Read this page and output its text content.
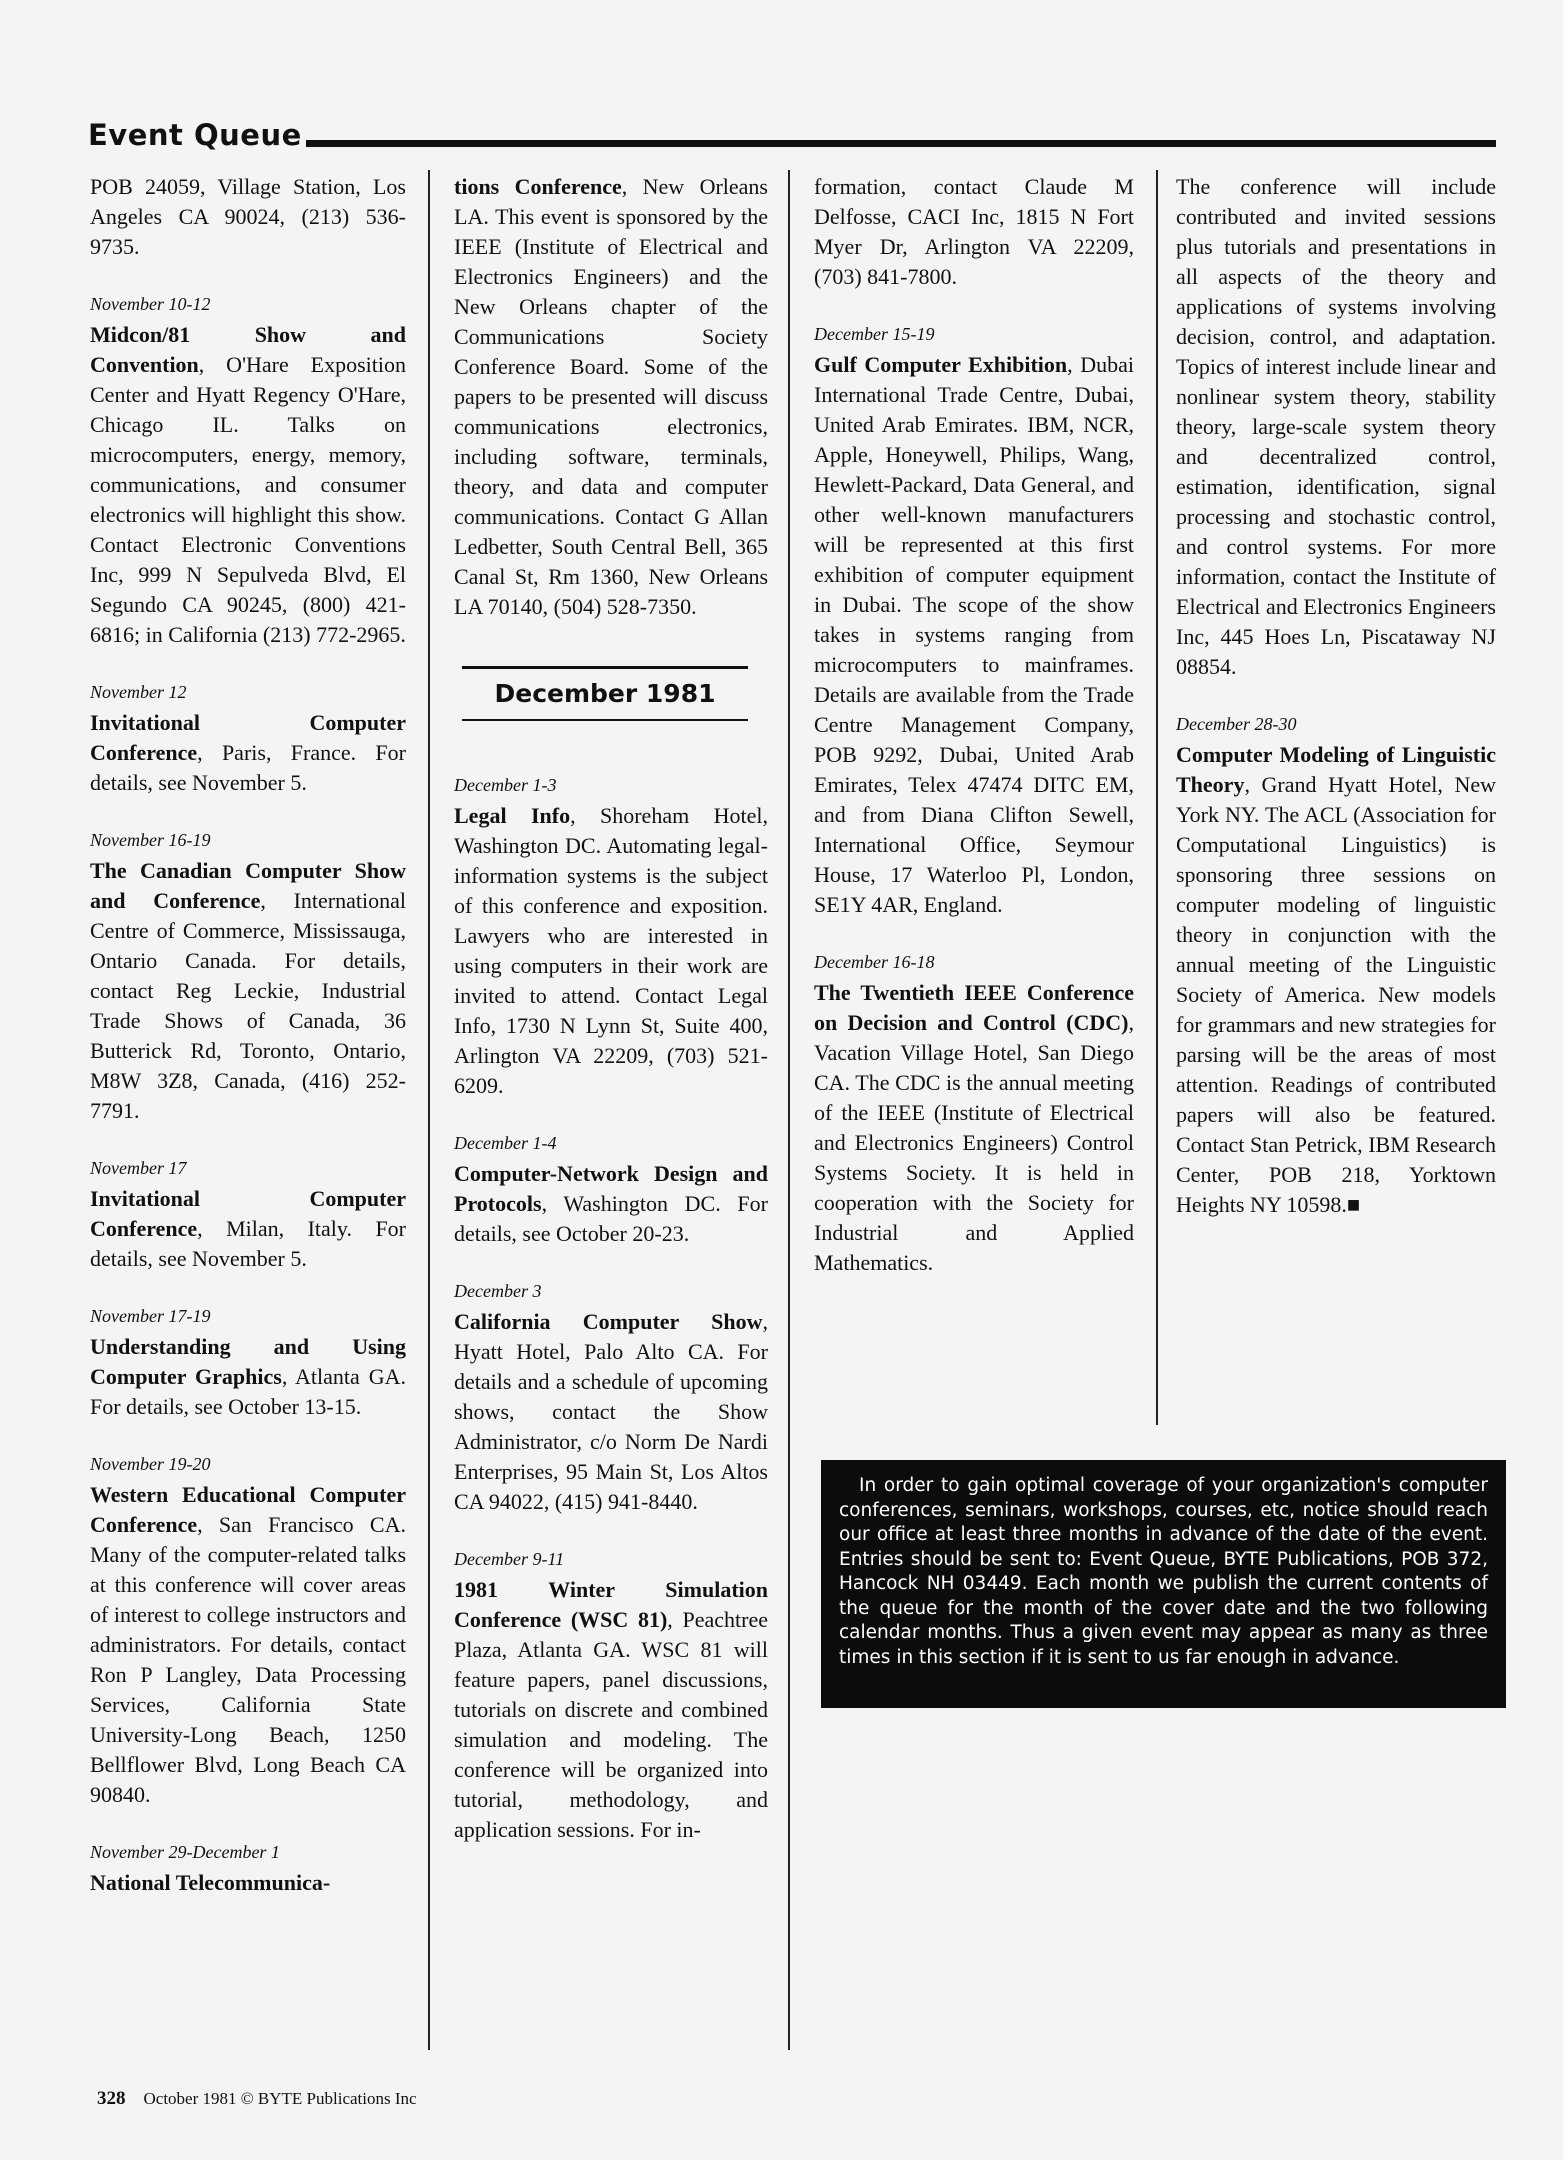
Event Queue
POB 24059, Village Station, Los Angeles CA 90024, (213) 536-9735.
November 10-12
Midcon/81 Show and Convention, O'Hare Exposition Center and Hyatt Regency O'Hare, Chicago IL. Talks on microcomputers, energy, memory, communications, and consumer electronics will highlight this show. Contact Electronic Conventions Inc, 999 N Sepulveda Blvd, El Segundo CA 90245, (800) 421-6816; in California (213) 772-2965.
November 12
Invitational Computer Conference, Paris, France. For details, see November 5.
November 16-19
The Canadian Computer Show and Conference, International Centre of Commerce, Mississauga, Ontario Canada. For details, contact Reg Leckie, Industrial Trade Shows of Canada, 36 Butterick Rd, Toronto, Ontario, M8W 3Z8, Canada, (416) 252-7791.
November 17
Invitational Computer Conference, Milan, Italy. For details, see November 5.
November 17-19
Understanding and Using Computer Graphics, Atlanta GA. For details, see October 13-15.
November 19-20
Western Educational Computer Conference, San Francisco CA. Many of the computer-related talks at this conference will cover areas of interest to college instructors and administrators. For details, contact Ron P Langley, Data Processing Services, California State University-Long Beach, 1250 Bellflower Blvd, Long Beach CA 90840.
November 29-December 1
National Telecommunica-
tions Conference, New Orleans LA. This event is sponsored by the IEEE (Institute of Electrical and Electronics Engineers) and the New Orleans chapter of the Communications Society Conference Board. Some of the papers to be presented will discuss communications electronics, including software, terminals, theory, and data and computer communications. Contact G Allan Ledbetter, South Central Bell, 365 Canal St, Rm 1360, New Orleans LA 70140, (504) 528-7350.
December 1981
December 1-3
Legal Info, Shoreham Hotel, Washington DC. Automating legal-information systems is the subject of this conference and exposition. Lawyers who are interested in using computers in their work are invited to attend. Contact Legal Info, 1730 N Lynn St, Suite 400, Arlington VA 22209, (703) 521-6209.
December 1-4
Computer-Network Design and Protocols, Washington DC. For details, see October 20-23.
December 3
California Computer Show, Hyatt Hotel, Palo Alto CA. For details and a schedule of upcoming shows, contact the Show Administrator, c/o Norm De Nardi Enterprises, 95 Main St, Los Altos CA 94022, (415) 941-8440.
December 9-11
1981 Winter Simulation Conference (WSC 81), Peachtree Plaza, Atlanta GA. WSC 81 will feature papers, panel discussions, tutorials on discrete and combined simulation and modeling. The conference will be organized into tutorial, methodology, and application sessions. For in-
formation, contact Claude M Delfosse, CACI Inc, 1815 N Fort Myer Dr, Arlington VA 22209, (703) 841-7800.
December 15-19
Gulf Computer Exhibition, Dubai International Trade Centre, Dubai, United Arab Emirates. IBM, NCR, Apple, Honeywell, Philips, Wang, Hewlett-Packard, Data General, and other well-known manufacturers will be represented at this first exhibition of computer equipment in Dubai. The scope of the show takes in systems ranging from microcomputers to mainframes. Details are available from the Trade Centre Management Company, POB 9292, Dubai, United Arab Emirates, Telex 47474 DITC EM, and from Diana Clifton Sewell, International Office, Seymour House, 17 Waterloo Pl, London, SE1Y 4AR, England.
December 16-18
The Twentieth IEEE Conference on Decision and Control (CDC), Vacation Village Hotel, San Diego CA. The CDC is the annual meeting of the IEEE (Institute of Electrical and Electronics Engineers) Control Systems Society. It is held in cooperation with the Society for Industrial and Applied Mathematics.
The conference will include contributed and invited sessions plus tutorials and presentations in all aspects of the theory and applications of systems involving decision, control, and adaptation. Topics of interest include linear and nonlinear system theory, stability theory, large-scale system theory and decentralized control, estimation, identification, signal processing and stochastic control, and control systems. For more information, contact the Institute of Electrical and Electronics Engineers Inc, 445 Hoes Ln, Piscataway NJ 08854.
December 28-30
Computer Modeling of Linguistic Theory, Grand Hyatt Hotel, New York NY. The ACL (Association for Computational Linguistics) is sponsoring three sessions on computer modeling of linguistic theory in conjunction with the annual meeting of the Linguistic Society of America. New models for grammars and new strategies for parsing will be the areas of most attention. Readings of contributed papers will also be featured. Contact Stan Petrick, IBM Research Center, POB 218, Yorktown Heights NY 10598.■
In order to gain optimal coverage of your organization's computer conferences, seminars, workshops, courses, etc, notice should reach our office at least three months in advance of the date of the event. Entries should be sent to: Event Queue, BYTE Publications, POB 372, Hancock NH 03449. Each month we publish the current contents of the queue for the month of the cover date and the two following calendar months. Thus a given event may appear as many as three times in this section if it is sent to us far enough in advance.
328 October 1981 © BYTE Publications Inc
